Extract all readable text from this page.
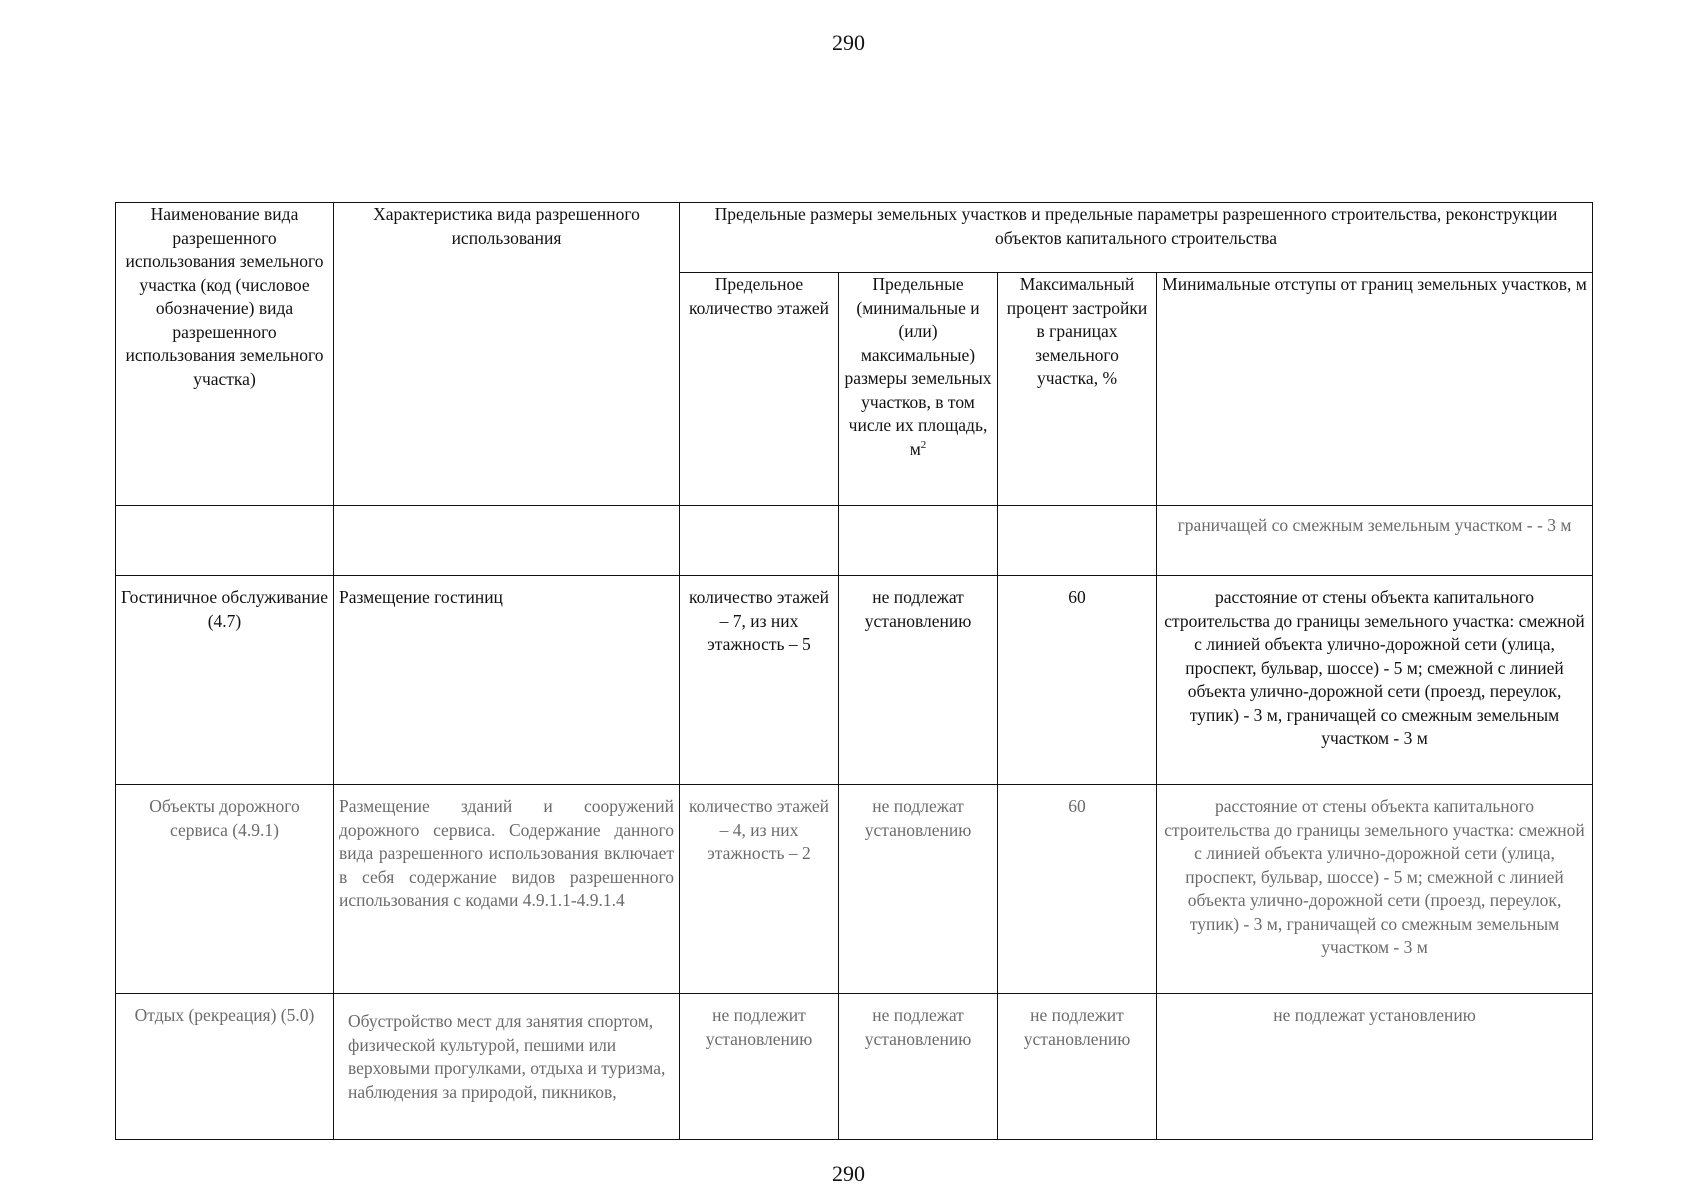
290
Наименование вида разрешенного использования земельного участка (код (числовое обозначение) вида разрешенного использования земельного участка)	Характеристика вида разрешенного использования	Предельные размеры земельных участков и предельные параметры разрешенного строительства, реконструкции объектов капитального строительства			
		Предельное количество этажей	Предельные (минимальные и (или) максимальные) размеры земельных участков, в том числе их площадь, $м^2$	Максимальный процент застройки в границах земельного участка, %	Минимальные отступы от границ земельных участков, м
					граничащей со смежным земельным участком - - 3 м
Гостиничное обслуживание (4.7)	Размещение гостиниц	количество этажей – 7, из них этажность – 5	не подлежат установлению	60	расстояние от стены объекта капитального строительства до границы земельного участка: смежной с линией объекта улично-дорожной сети (улица, проспект, бульвар, шоссе) - 5 м; смежной с линией объекта улично-дорожной сети (проезд, переулок, тупик) - 3 м, граничащей со смежным земельным участком - 3 м
Объекты дорожного сервиса (4.9.1)	Размещение зданий и сооружений дорожного сервиса. Содержание данного вида разрешенного использования включает в себя содержание видов разрешенного использования с кодами 4.9.1.1-4.9.1.4	количество этажей – 4, из них этажность – 2	не подлежат установлению	60	расстояние от стены объекта капитального строительства до границы земельного участка: смежной с линией объекта улично-дорожной сети (улица, проспект, бульвар, шоссе) - 5 м; смежной с линией объекта улично-дорожной сети (проезд, переулок, тупик) - 3 м, граничащей со смежным земельным участком - 3 м
Отдых (рекреация) (5.0)	Обустройство мест для занятия спортом, физической культурой, пешими или верховыми прогулками, отдыха и туризма, наблюдения за природой, пикников,	не подлежит установлению	не подлежат установлению	не подлежит установлению	не подлежат установлению
290
